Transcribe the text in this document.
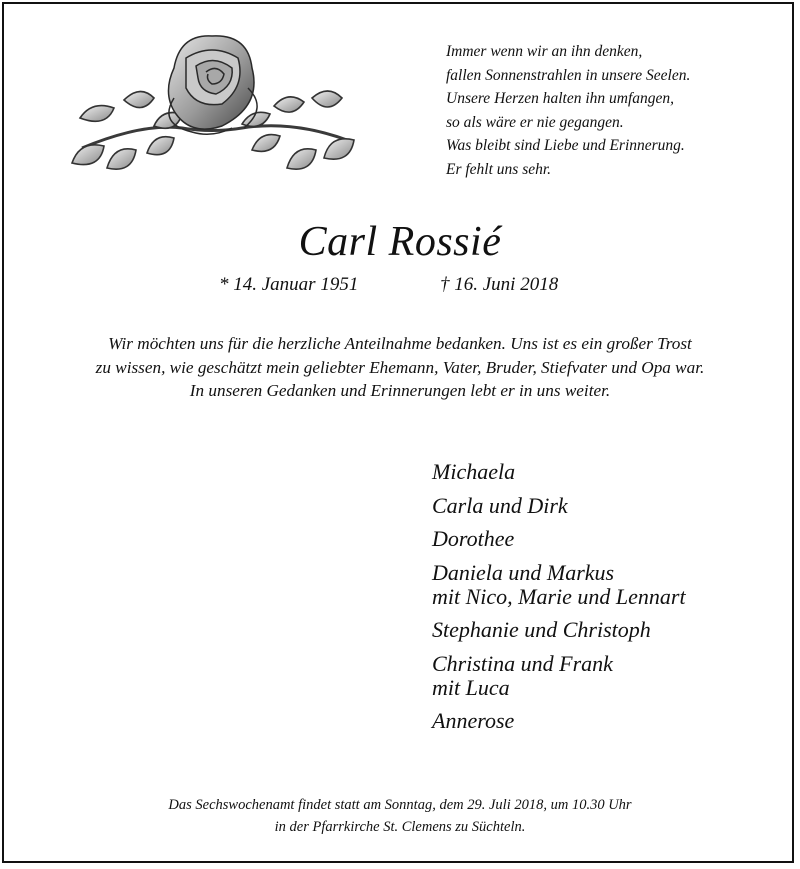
Immer wenn wir an ihn denken,
fallen Sonnenstrahlen in unsere Seelen.
Unsere Herzen halten ihn umfangen,
so als wäre er nie gegangen.
Was bleibt sind Liebe und Erinnerung.
Er fehlt uns sehr.
Carl Rossié
* 14. Januar 1951	† 16. Juni 2018
Wir möchten uns für die herzliche Anteilnahme bedanken. Uns ist es ein großer Trost
zu wissen, wie geschätzt mein geliebter Ehemann, Vater, Bruder, Stiefvater und Opa war.
In unseren Gedanken und Erinnerungen lebt er in uns weiter.
Michaela
Carla und Dirk
Dorothee
Daniela und Markus
mit Nico, Marie und Lennart
Stephanie und Christoph
Christina und Frank
mit Luca
Annerose
Das Sechswochenamt findet statt am Sonntag, dem 29. Juli 2018, um 10.30 Uhr
in der Pfarrkirche St. Clemens zu Süchteln.
